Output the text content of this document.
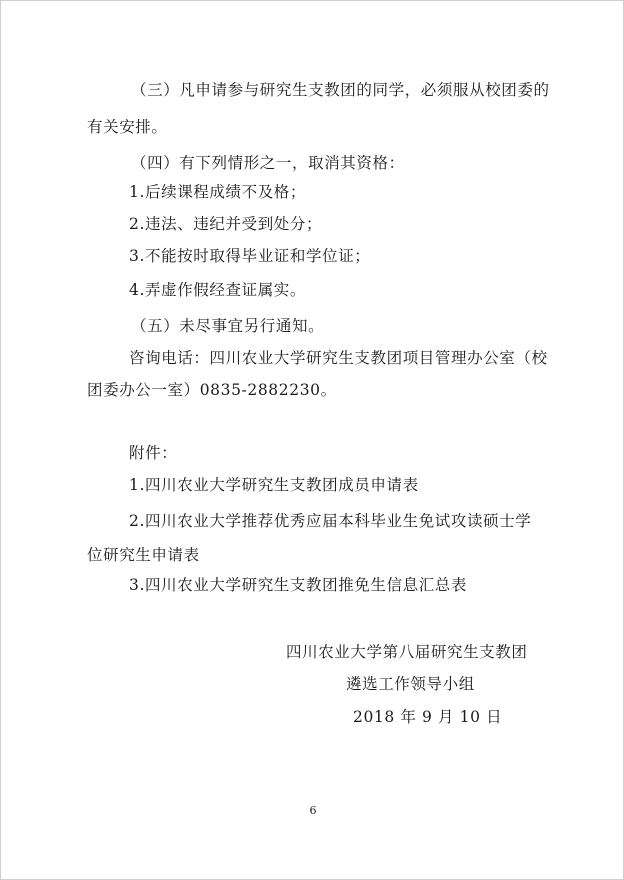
（三）凡申请参与研究生支教团的同学，必须服从校团委的
有关安排。
（四）有下列情形之一，取消其资格：
1.后续课程成绩不及格；
2.违法、违纪并受到处分；
3.不能按时取得毕业证和学位证；
4.弄虚作假经查证属实。
（五）未尽事宜另行通知。
咨询电话：四川农业大学研究生支教团项目管理办公室（校
团委办公一室）0835-2882230。
附件：
1.四川农业大学研究生支教团成员申请表
2.四川农业大学推荐优秀应届本科毕业生免试攻读硕士学
位研究生申请表
3.四川农业大学研究生支教团推免生信息汇总表
四川农业大学第八届研究生支教团
遴选工作领导小组
2018 年 9 月 10 日
6
